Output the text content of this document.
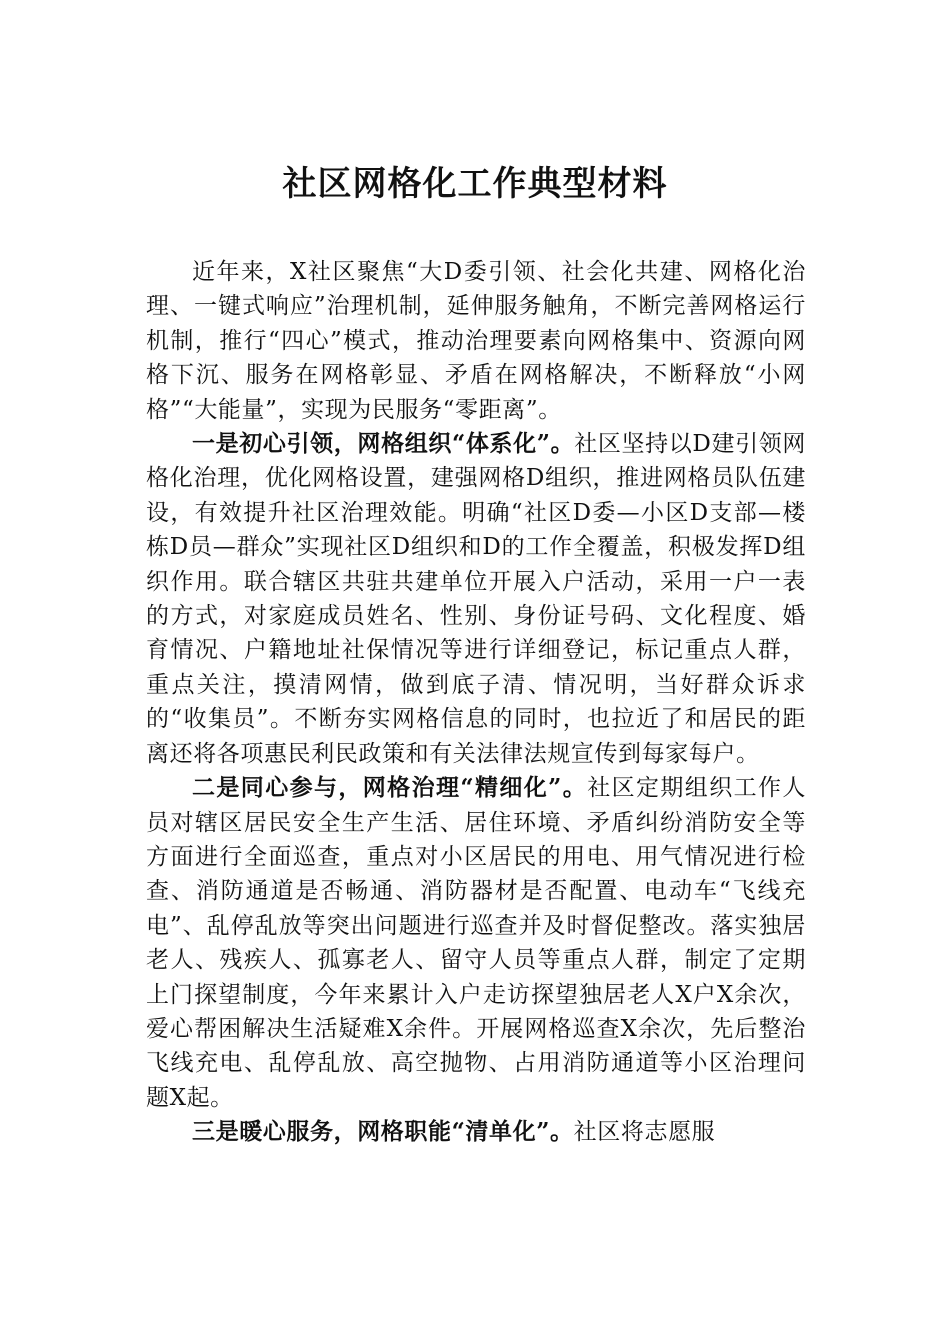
社区网格化工作典型材料

近年来，X社区聚焦“大D委引领、社会化共建、网格化治理、一键式响应”治理机制，延伸服务触角，不断完善网格运行机制，推行“四心”模式，推动治理要素向网格集中、资源向网格下沉、服务在网格彰显、矛盾在网格解决，不断释放“小网格”“大能量”，实现为民服务“零距离”。

一是初心引领，网格组织“体系化”。社区坚持以D建引领网格化治理，优化网格设置，建强网格D组织，推进网格员队伍建设，有效提升社区治理效能。明确“社区D委—小区D支部—楼栋D员—群众”实现社区D组织和D的工作全覆盖，积极发挥D组织作用。联合辖区共驻共建单位开展入户活动，采用一户一表的方式，对家庭成员姓名、性别、身份证号码、文化程度、婚育情况、户籍地址社保情况等进行详细登记，标记重点人群，重点关注，摸清网情，做到底子清、情况明，当好群众诉求的“收集员”。不断夯实网格信息的同时，也拉近了和居民的距离还将各项惠民利民政策和有关法律法规宣传到每家每户。

二是同心参与，网格治理“精细化”。社区定期组织工作人员对辖区居民安全生产生活、居住环境、矛盾纠纷消防安全等方面进行全面巡查，重点对小区居民的用电、用气情况进行检查、消防通道是否畅通、消防器材是否配置、电动车“飞线充电”、乱停乱放等突出问题进行巡查并及时督促整改。落实独居老人、残疾人、孤寡老人、留守人员等重点人群，制定了定期上门探望制度，今年来累计入户走访探望独居老人X户X余次，爱心帮困解决生活疑难X余件。开展网格巡查X余次，先后整治飞线充电、乱停乱放、高空抛物、占用消防通道等小区治理问题X起。

三是暖心服务，网格职能“清单化”。社区将志愿服
